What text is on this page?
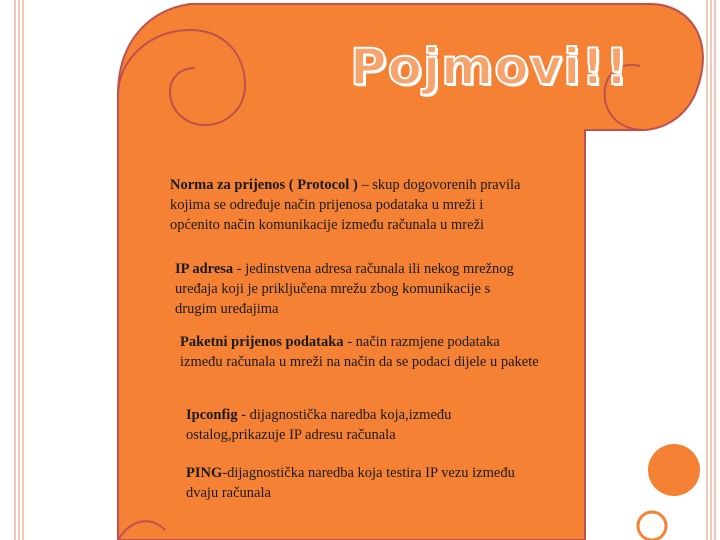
Pojmovi!!
Norma za prijenos ( Protocol ) – skup dogovorenih pravila kojima se određuje način prijenosa podataka u mreži i općenito način komunikacije između računala u mreži
IP adresa - jedinstvena adresa računala ili nekog mrežnog uređaja koji je priključena mrežu zbog komunikacije s drugim uređajima
Paketni prijenos podataka - način razmjene podataka između računala u mreži na način da se podaci dijele u pakete
Ipconfig - dijagnostička naredba koja,između ostalog,prikazuje IP adresu računala
PING-dijagnostička naredba koja testira IP vezu između dvaju računala
